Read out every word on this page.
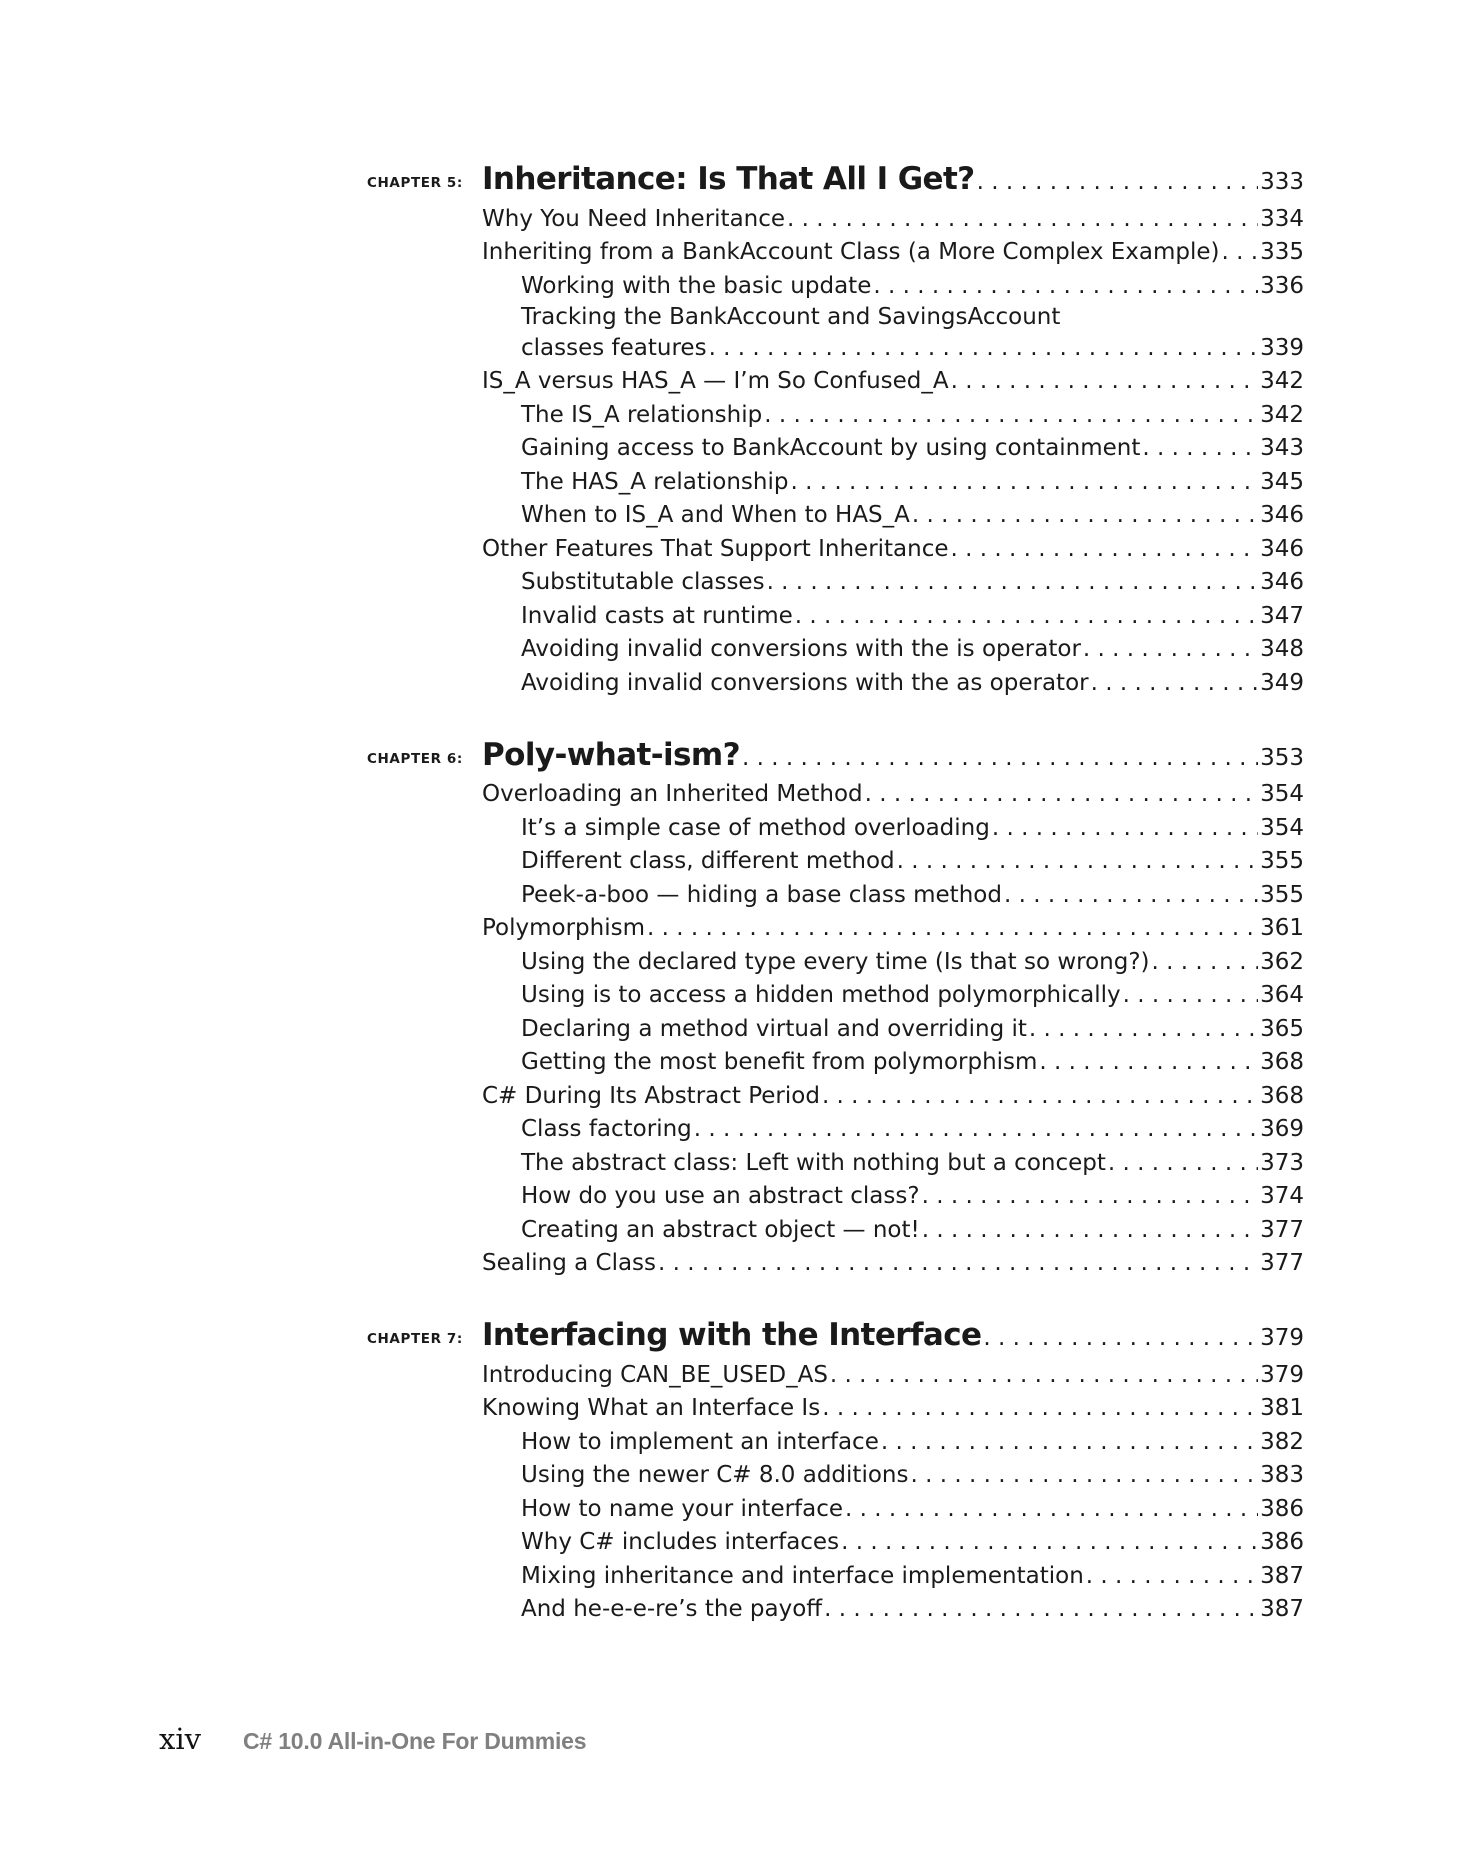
CHAPTER 5: Inheritance: Is That All I Get? . . .	333
Why You Need Inheritance . . .	334
Inheriting from a BankAccount Class (a More Complex Example) . . . 335
Working with the basic update . . .	336
Tracking the BankAccount and SavingsAccount
classes features . . .	339
IS_A versus HAS_A — I’m So Confused_A . . .	342
The IS_A relationship . . .	342
Gaining access to BankAccount by using containment . . .	343
The HAS_A relationship . . .	345
When to IS_A and When to HAS_A . . .	346
Other Features That Support Inheritance . . .	346
Substitutable classes . . .	346
Invalid casts at runtime . . .	347
Avoiding invalid conversions with the is operator . . .	348
Avoiding invalid conversions with the as operator . . .	349
CHAPTER 6: Poly-what-ism? . . .	353
Overloading an Inherited Method . . .	354
It’s a simple case of method overloading . . .	354
Different class, different method . . .	355
Peek-a-boo — hiding a base class method . . .	355
Polymorphism . . .	361
Using the declared type every time (Is that so wrong?) . . .	362
Using is to access a hidden method polymorphically . . .	364
Declaring a method virtual and overriding it . . .	365
Getting the most benefit from polymorphism . . .	368
C# During Its Abstract Period . . .	368
Class factoring . . .	369
The abstract class: Left with nothing but a concept . . .	373
How do you use an abstract class? . . .	374
Creating an abstract object — not! . . .	377
Sealing a Class . . .	377
CHAPTER 7: Interfacing with the Interface . . .	379
Introducing CAN_BE_USED_AS . . .	379
Knowing What an Interface Is . . .	381
How to implement an interface . . .	382
Using the newer C# 8.0 additions . . .	383
How to name your interface . . .	386
Why C# includes interfaces . . .	386
Mixing inheritance and interface implementation . . .	387
And he-e-e-re’s the payoff . . .	387
xiv C# 10.0 All-in-One For Dummies
